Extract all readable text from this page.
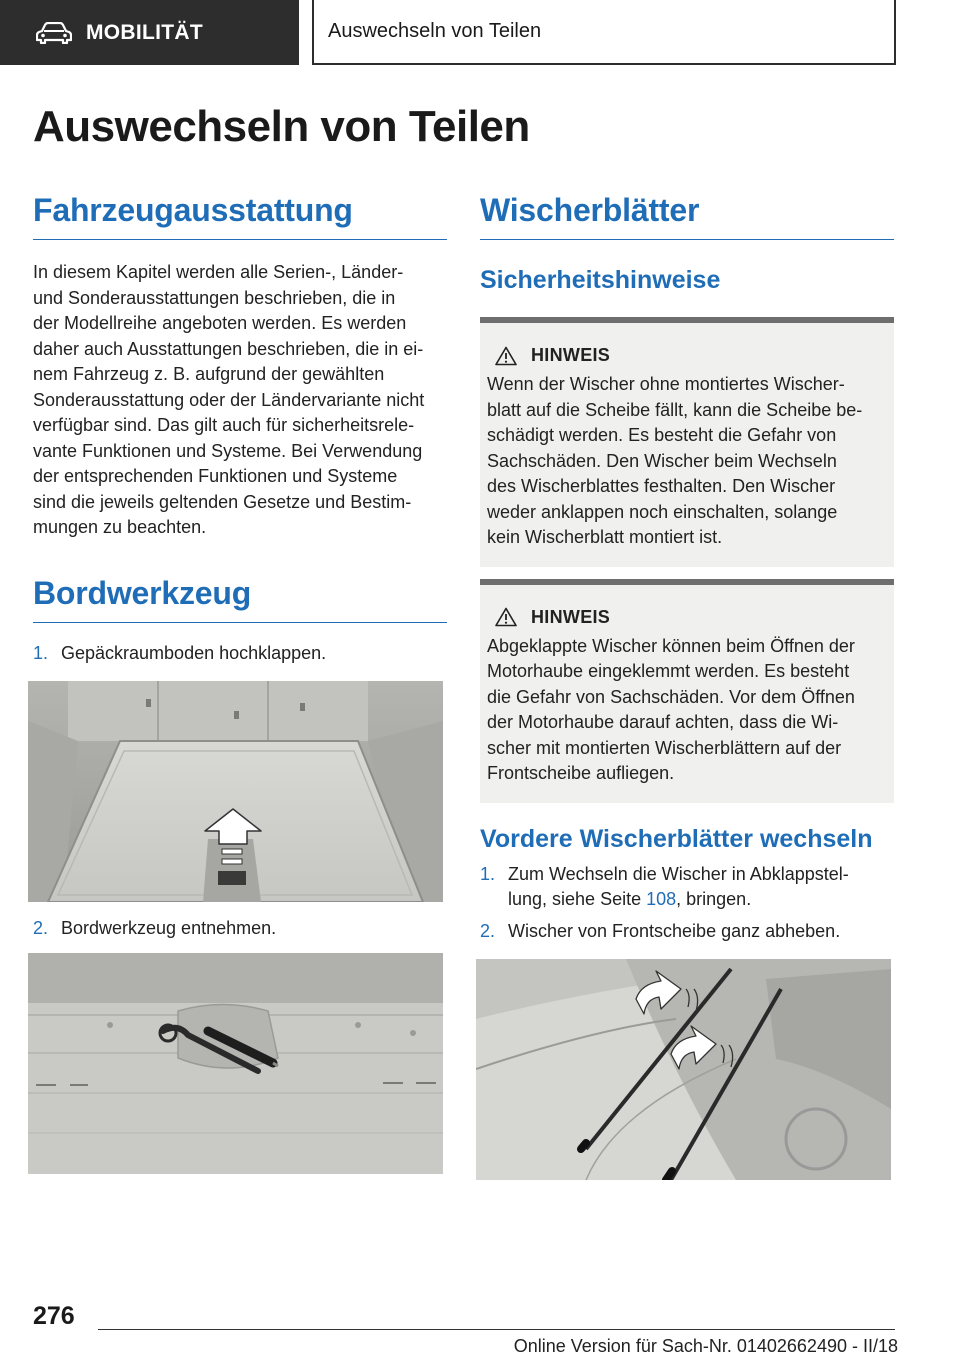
MOBILITÄT	Auswechseln von Teilen
Auswechseln von Teilen
Fahrzeugausstattung

In diesem Kapitel werden alle Serien-, Länder-
und Sonderausstattungen beschrieben, die in
der Modellreihe angeboten werden. Es werden
daher auch Ausstattungen beschrieben, die in ei-
nem Fahrzeug z. B. aufgrund der gewählten
Sonderausstattung oder der Ländervariante nicht
verfügbar sind. Das gilt auch für sicherheitsrele-
vante Funktionen und Systeme. Bei Verwendung
der entsprechenden Funktionen und Systeme
sind die jeweils geltenden Gesetze und Bestim-
mungen zu beachten.

Bordwerkzeug
1. Gepäckraumboden hochklappen.
2. Bordwerkzeug entnehmen.
Wischerblätter
Sicherheitshinweise
HINWEIS

Wenn der Wischer ohne montiertes Wischer-
blatt auf die Scheibe fällt, kann die Scheibe be-
schädigt werden. Es besteht die Gefahr von
Sachschäden. Den Wischer beim Wechseln
des Wischerblattes festhalten. Den Wischer
weder anklappen noch einschalten, solange
kein Wischerblatt montiert ist.

HINWEIS

Abgeklappte Wischer können beim Öffnen der
Motorhaube eingeklemmt werden. Es besteht
die Gefahr von Sachschäden. Vor dem Öffnen
der Motorhaube darauf achten, dass die Wi-
scher mit montierten Wischerblättern auf der
Frontscheibe aufliegen.

Vordere Wischerblätter wechseln
1. Zum Wechseln die Wischer in Abklappstel-
lung, siehe Seite 108, bringen.
2. Wischer von Frontscheibe ganz abheben.
276
Online Version für Sach-Nr. 01402662490 - II/18
